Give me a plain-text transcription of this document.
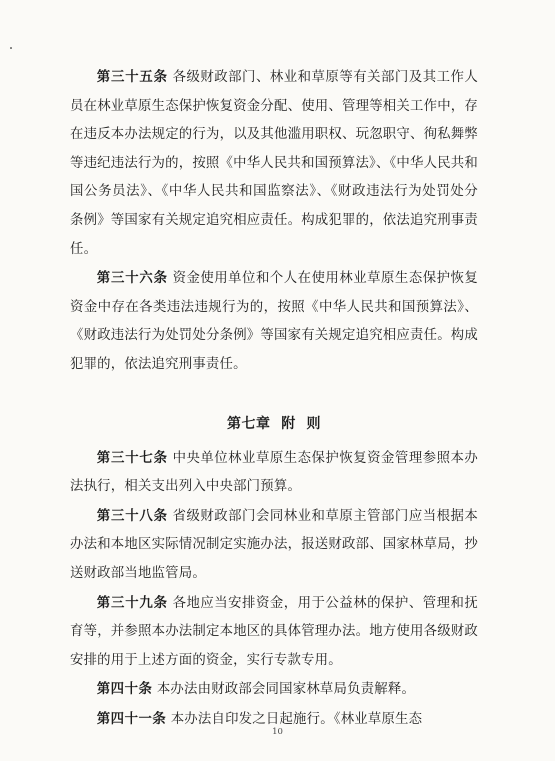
第三十五条 各级财政部门、林业和草原等有关部门及其工作人员在林业草原生态保护恢复资金分配、使用、管理等相关工作中，存在违反本办法规定的行为，以及其他滥用职权、玩忽职守、徇私舞弊等违纪违法行为的，按照《中华人民共和国预算法》、《中华人民共和国公务员法》、《中华人民共和国监察法》、《财政违法行为处罚处分条例》等国家有关规定追究相应责任。构成犯罪的，依法追究刑事责任。

第三十六条 资金使用单位和个人在使用林业草原生态保护恢复资金中存在各类违法违规行为的，按照《中华人民共和国预算法》、《财政违法行为处罚处分条例》等国家有关规定追究相应责任。构成犯罪的，依法追究刑事责任。

第七章  附  则

第三十七条 中央单位林业草原生态保护恢复资金管理参照本办法执行，相关支出列入中央部门预算。

第三十八条 省级财政部门会同林业和草原主管部门应当根据本办法和本地区实际情况制定实施办法，报送财政部、国家林草局，抄送财政部当地监管局。

第三十九条 各地应当安排资金，用于公益林的保护、管理和抚育等，并参照本办法制定本地区的具体管理办法。地方使用各级财政安排的用于上述方面的资金，实行专款专用。

第四十条 本办法由财政部会同国家林草局负责解释。

第四十一条 本办法自印发之日起施行。《林业草原生态

10
